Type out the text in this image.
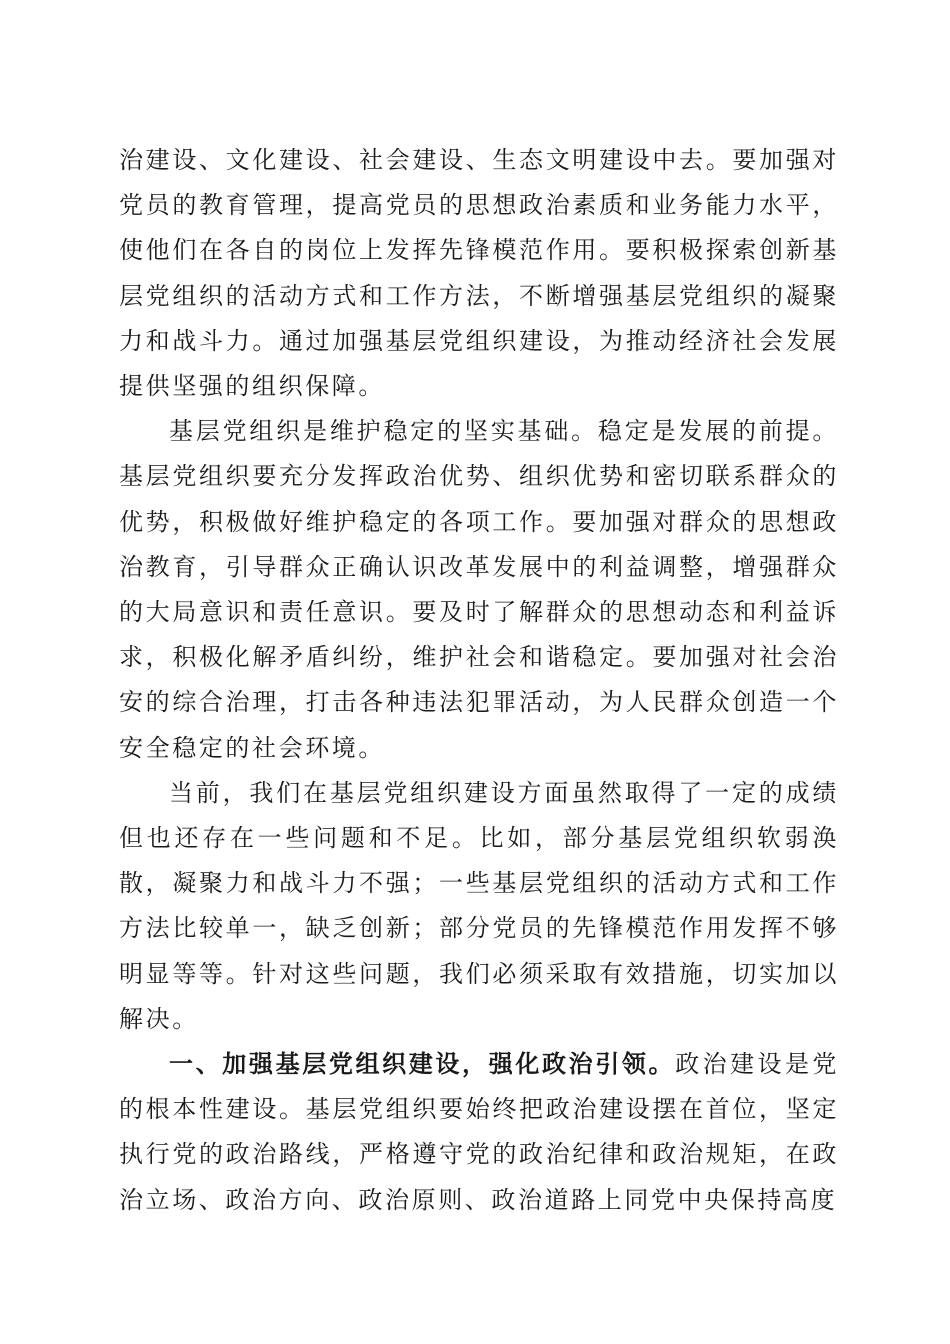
治建设、文化建设、社会建设、生态文明建设中去。要加强对党员的教育管理，提高党员的思想政治素质和业务能力水平，使他们在各自的岗位上发挥先锋模范作用。要积极探索创新基层党组织的活动方式和工作方法，不断增强基层党组织的凝聚力和战斗力。通过加强基层党组织建设，为推动经济社会发展提供坚强的组织保障。

基层党组织是维护稳定的坚实基础。稳定是发展的前提。基层党组织要充分发挥政治优势、组织优势和密切联系群众的优势，积极做好维护稳定的各项工作。要加强对群众的思想政治教育，引导群众正确认识改革发展中的利益调整，增强群众的大局意识和责任意识。要及时了解群众的思想动态和利益诉求，积极化解矛盾纠纷，维护社会和谐稳定。要加强对社会治安的综合治理，打击各种违法犯罪活动，为人民群众创造一个安全稳定的社会环境。

当前，我们在基层党组织建设方面虽然取得了一定的成绩但也还存在一些问题和不足。比如，部分基层党组织软弱涣散，凝聚力和战斗力不强；一些基层党组织的活动方式和工作方法比较单一，缺乏创新；部分党员的先锋模范作用发挥不够明显等等。针对这些问题，我们必须采取有效措施，切实加以解决。

一、加强基层党组织建设，强化政治引领。政治建设是党的根本性建设。基层党组织要始终把政治建设摆在首位，坚定执行党的政治路线，严格遵守党的政治纪律和政治规矩，在政治立场、政治方向、政治原则、政治道路上同党中央保持高度
